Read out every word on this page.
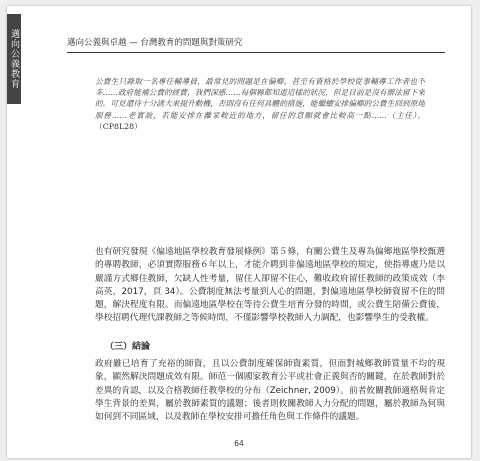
邁向公義教育	邁向公義與卓越 — 台灣教育的問題與對策研究
公費生只錄取一名專任輔導員，最常見的問題是在偏鄉，甚至有資格於學校從事輔導工作者也不多……政府能補公費的經費，我們深感……每個縣都知道這樣的狀況，但是目前是沒有辦法留下來的。可見還待十分誘大來提升動機，否則沒有任何具體的措施，能繼續安排偏鄉的公費生回到原地服務……老實說，若能安排在離家較近的地方，留任的意願就會比較高一點……（主任）。 （CP8L28）
也有研究發現《偏遠地區學校教育發展條例》第５條，有關公費生及專為偏鄉地區學校甄選的專聘教師，必須實際服務６年以上，才能介聘到非偏遠地區學校的規定，使指導處乃是以嚴謹方式鄉住教師，欠缺人性考量，留住人卻留不住心，難收政府留任教師的政策成效（李高英，2017，頁 34）。公費制度無法考量到人心的問題，對偏遠地區學校師資留不住的問題，解決程度有限。而偏遠地區學校在等待公費生培育分發的時間，或公費生陪備公費後，學校招聘代理代課教師之等候時間，不僅影響學校教師人力調配，也影響學生的受教權。
（三）結論
政府雖已培育了充裕的師資，且以公費制度確保師資素質，但面對城鄉教師質量不均的現象，顯然解決問題成效有限。師范一個國家教育公平或社會正義與否的關鍵，在於教師對於差異的肯認，以及合格教師任教學校的分布（Zeichner, 2009）。前者攸關教師適格與肯定學生背景的差異，屬於教師素質的議題；後者則攸關教師人力分配的問題，屬於教師為何與如何到不同區域，以及教師在學校安排可擔任角色與工作條件的議題。
64
